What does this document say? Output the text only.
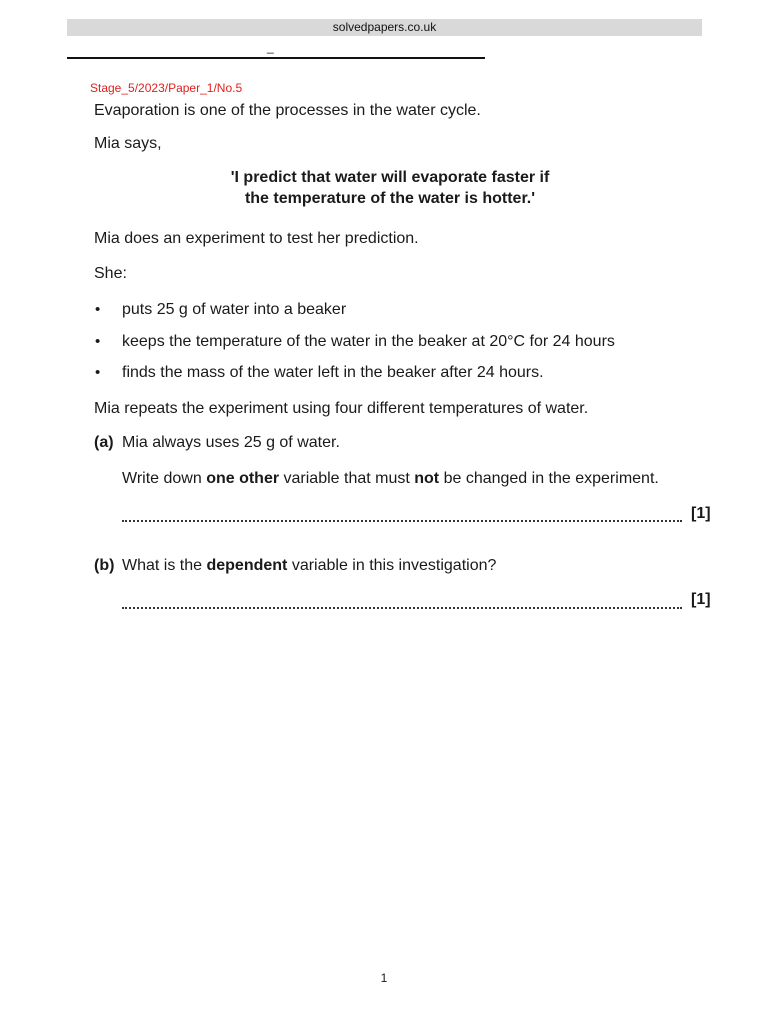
solvedpapers.co.uk
_
Stage_5/2023/Paper_1/No.5
Evaporation is one of the processes in the water cycle.
Mia says,
'I predict that water will evaporate faster if
the temperature of the water is hotter.'
Mia does an experiment to test her prediction.
She:
• puts 25 g of water into a beaker
• keeps the temperature of the water in the beaker at 20°C for 24 hours
• finds the mass of the water left in the beaker after 24 hours.
Mia repeats the experiment using four different temperatures of water.
(a) Mia always uses 25 g of water.
Write down one other variable that must not be changed in the experiment.
[1]
(b) What is the dependent variable in this investigation?
[1]
1
